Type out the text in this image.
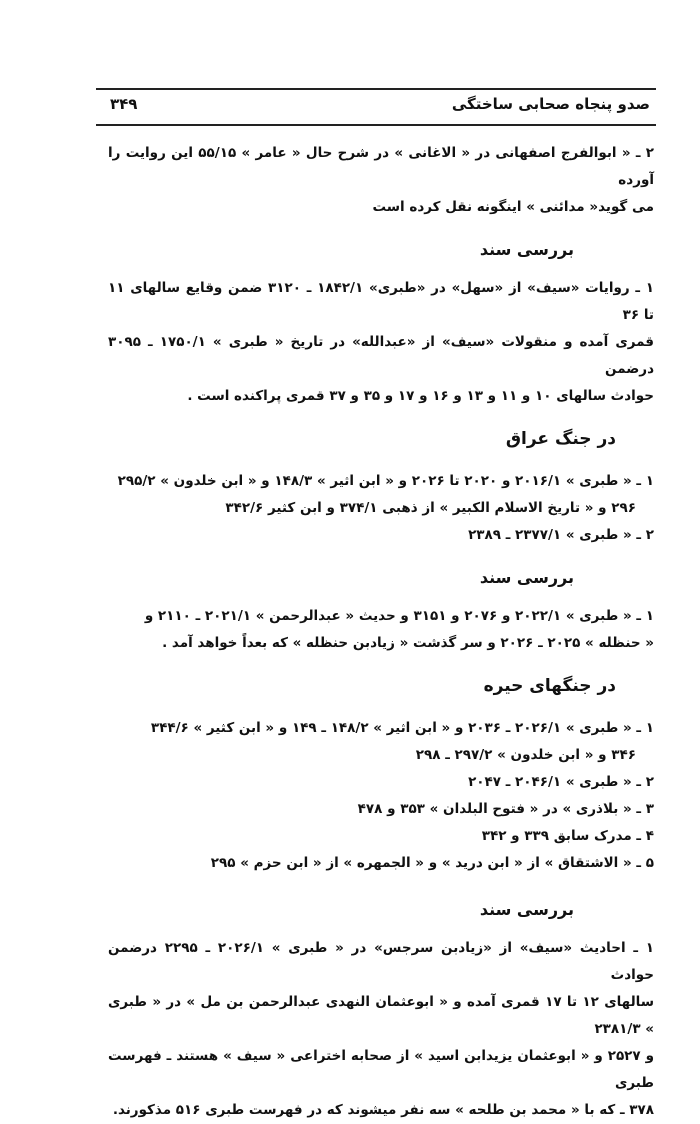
صدو پنجاه صحابی ساختگی
۳۴۹

۲ ـ « ابوالفرج اصفهانی در « الاغانی » در شرح حال « عامر » ۵۵/۱۵ این روایت را آورده

می گوید« مدائنی » اینگونه نقل کرده است

بررسی سند

۱ ـ روایات «سیف» از «سهل» در «طبری» ۱۸۴۲/۱ ـ ۳۱۲۰ ضمن وقایع سالهای ۱۱ تا ۳۶

قمری آمده و منقولات «سیف» از «عبدالله» در تاریخ « طبری » ۱۷۵۰/۱ ـ ۳۰۹۵ درضمن

حوادث سالهای ۱۰ و ۱۱ و ۱۳ و ۱۶ و ۱۷ و ۳۵ و ۳۷ قمری پراکنده است .

در جنگ عراق

۱ ـ « طبری » ۲۰۱۶/۱ و ۲۰۲۰ تا ۲۰۲۶ و « ابن اثیر » ۱۴۸/۳ و « ابن خلدون » ۲۹۵/۲

۲۹۶ و « تاریخ الاسلام الکبیر » از ذهبی ۳۷۴/۱ و ابن کثیر ۳۴۲/۶

۲ ـ « طبری » ۲۳۷۷/۱ ـ ۲۳۸۹

بررسی سند

۱ ـ « طبری » ۲۰۲۲/۱ و ۲۰۷۶ و ۳۱۵۱ و حدیث « عبدالرحمن » ۲۰۲۱/۱ ـ ۲۱۱۰ و

« حنظله » ۲۰۲۵ ـ ۲۰۲۶ و سر گذشت « زیادبن حنظله » که بعداً خواهد آمد .

در جنگهای حیره

۱ ـ « طبری » ۲۰۲۶/۱ ـ ۲۰۳۶ و « ابن اثیر » ۱۴۸/۲ ـ ۱۴۹ و « ابن کثیر » ۳۴۴/۶

۳۴۶ و « ابن خلدون » ۲۹۷/۲ ـ ۲۹۸

۲ ـ « طبری » ۲۰۴۶/۱ ـ ۲۰۴۷

۳ ـ « بلاذری » در « فتوح البلدان » ۳۵۳ و ۴۷۸

۴ ـ مدرک سابق ۳۳۹ و ۳۴۲

۵ ـ « الاشتقاق » از « ابن درید » و « الجمهره » از « ابن حزم » ۲۹۵

بررسی سند

۱ ـ احادیث «سیف» از «زیادبن سرجس» در « طبری » ۲۰۲۶/۱ ـ ۲۲۹۵ درضمن حوادث

سالهای ۱۲ تا ۱۷ قمری آمده و « ابوعثمان النهدی عبدالرحمن بن مل » در « طبری » ۲۳۸۱/۳

و ۲۵۲۷ و « ابوعثمان یزیدابن اسید » از صحابه اختراعی « سیف » هستند ـ فهرست طبری

۳۷۸ ـ که با « محمد بن طلحه » سه نفر میشوند که در فهرست طبری ۵۱۶ مذکورند.
